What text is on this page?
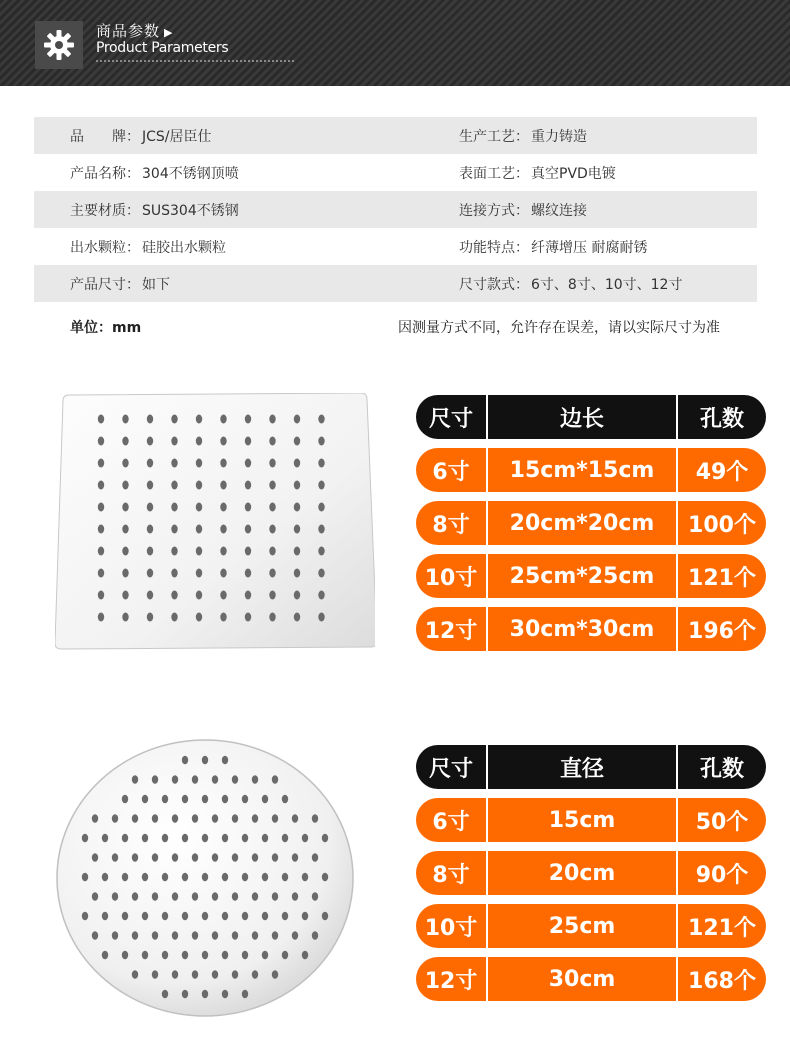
商品参数 ▶
Product Parameters
品　　牌： JCS/居臣仕	生产工艺： 重力铸造
产品名称： 304不锈钢顶喷	表面工艺： 真空PVD电镀
主要材质： SUS304不锈钢	连接方式： 螺纹连接
出水颗粒： 硅胶出水颗粒	功能特点： 纤薄增压 耐腐耐锈
产品尺寸： 如下	尺寸款式： 6寸、8寸、10寸、12寸
单位：mm	因测量方式不同，允许存在误差，请以实际尺寸为准
尺寸	边长	孔数
6寸	15cm*15cm	49个
8寸	20cm*20cm	100个
10寸	25cm*25cm	121个
12寸	30cm*30cm	196个
尺寸	直径	孔数
6寸	15cm	50个
8寸	20cm	90个
10寸	25cm	121个
12寸	30cm	168个
